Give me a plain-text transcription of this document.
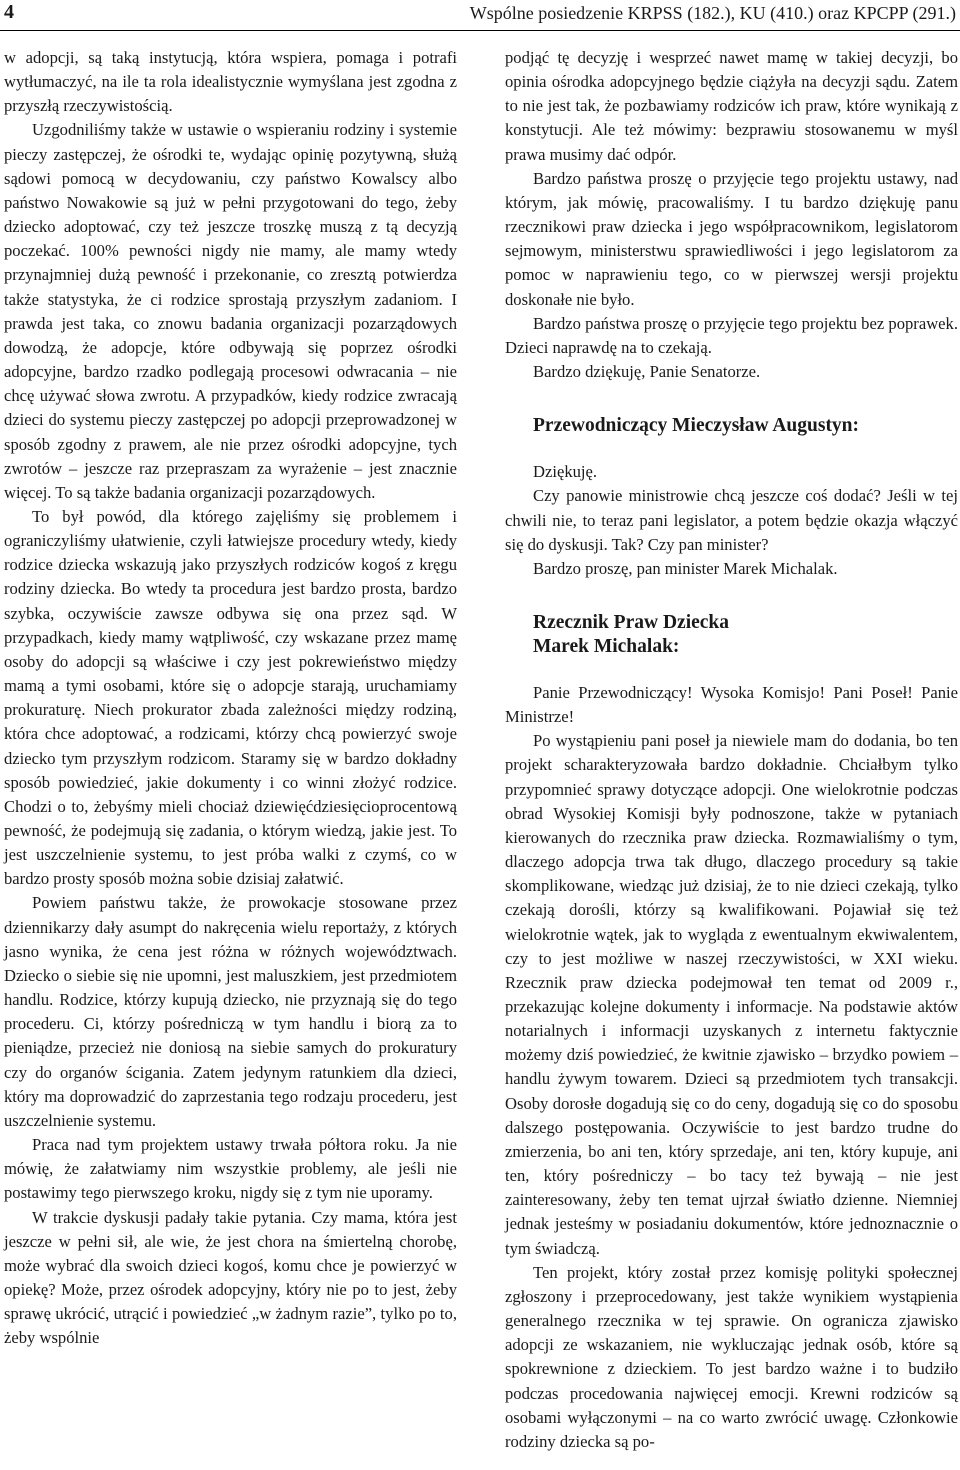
4	Wspólne posiedzenie KRPSS (182.), KU (410.) oraz KPCPP (291.)

w adopcji, są taką instytucją, która wspiera, pomaga i potrafi wytłumaczyć, na ile ta rola idealistycznie wymyślana jest zgodna z przyszłą rzeczywistością.

Uzgodniliśmy także w ustawie o wspieraniu rodziny i systemie pieczy zastępczej, że ośrodki te, wydając opinię pozytywną, służą sądowi pomocą w decydowaniu, czy państwo Kowalscy albo państwo Nowakowie są już w pełni przygotowani do tego, żeby dziecko adoptować, czy też jeszcze troszkę muszą z tą decyzją poczekać. 100% pewności nigdy nie mamy, ale mamy wtedy przynajmniej dużą pewność i przekonanie, co zresztą potwierdza także statystyka, że ci rodzice sprostają przyszłym zadaniom. I prawda jest taka, co znowu badania organizacji pozarządowych dowodzą, że adopcje, które odbywają się poprzez ośrodki adopcyjne, bardzo rzadko podlegają procesowi odwracania – nie chcę używać słowa zwrotu. A przypadków, kiedy rodzice zwracają dzieci do systemu pieczy zastępczej po adopcji przeprowadzonej w sposób zgodny z prawem, ale nie przez ośrodki adopcyjne, tych zwrotów – jeszcze raz przepraszam za wyrażenie – jest znacznie więcej. To są także badania organizacji pozarządowych.

To był powód, dla którego zajęliśmy się problemem i ograniczyliśmy ułatwienie, czyli łatwiejsze procedury wtedy, kiedy rodzice dziecka wskazują jako przyszłych rodziców kogoś z kręgu rodziny dziecka. Bo wtedy ta procedura jest bardzo prosta, bardzo szybka, oczywiście zawsze odbywa się ona przez sąd. W przypadkach, kiedy mamy wątpliwość, czy wskazane przez mamę osoby do adopcji są właściwe i czy jest pokrewieństwo między mamą a tymi osobami, które się o adopcje starają, uruchamiamy prokuraturę. Niech prokurator zbada zależności między rodziną, która chce adoptować, a rodzicami, którzy chcą powierzyć swoje dziecko tym przyszłym rodzicom. Staramy się w bardzo dokładny sposób powiedzieć, jakie dokumenty i co winni złożyć rodzice. Chodzi o to, żebyśmy mieli chociaż dziewięćdziesięcioprocentową pewność, że podejmują się zadania, o którym wiedzą, jakie jest. To jest uszczelnienie systemu, to jest próba walki z czymś, co w bardzo prosty sposób można sobie dzisiaj załatwić.

Powiem państwu także, że prowokacje stosowane przez dziennikarzy dały asumpt do nakręcenia wielu reportaży, z których jasno wynika, że cena jest różna w różnych województwach. Dziecko o siebie się nie upomni, jest maluszkiem, jest przedmiotem handlu. Rodzice, którzy kupują dziecko, nie przyznają się do tego procederu. Ci, którzy pośredniczą w tym handlu i biorą za to pieniądze, przecież nie doniosą na siebie samych do prokuratury czy do organów ścigania. Zatem jedynym ratunkiem dla dzieci, który ma doprowadzić do zaprzestania tego rodzaju procederu, jest uszczelnienie systemu.

Praca nad tym projektem ustawy trwała półtora roku. Ja nie mówię, że załatwiamy nim wszystkie problemy, ale jeśli nie postawimy tego pierwszego kroku, nigdy się z tym nie uporamy.

W trakcie dyskusji padały takie pytania. Czy mama, która jest jeszcze w pełni sił, ale wie, że jest chora na śmiertelną chorobę, może wybrać dla swoich dzieci kogoś, komu chce je powierzyć w opiekę? Może, przez ośrodek adopcyjny, który nie po to jest, żeby sprawę ukrócić, utrącić i powiedzieć „w żadnym razie”, tylko po to, żeby wspólnie

podjąć tę decyzję i wesprzeć nawet mamę w takiej decyzji, bo opinia ośrodka adopcyjnego będzie ciążyła na decyzji sądu. Zatem to nie jest tak, że pozbawiamy rodziców ich praw, które wynikają z konstytucji. Ale też mówimy: bezprawiu stosowanemu w myśl prawa musimy dać odpór.

Bardzo państwa proszę o przyjęcie tego projektu ustawy, nad którym, jak mówię, pracowaliśmy. I tu bardzo dziękuję panu rzecznikowi praw dziecka i jego współpracownikom, legislatorom sejmowym, ministerstwu sprawiedliwości i jego legislatorom za pomoc w naprawieniu tego, co w pierwszej wersji projektu doskonałe nie było.

Bardzo państwa proszę o przyjęcie tego projektu bez poprawek. Dzieci naprawdę na to czekają.

Bardzo dziękuję, Panie Senatorze.

Przewodniczący Mieczysław Augustyn:

Dziękuję.

Czy panowie ministrowie chcą jeszcze coś dodać? Jeśli w tej chwili nie, to teraz pani legislator, a potem będzie okazja włączyć się do dyskusji. Tak? Czy pan minister?

Bardzo proszę, pan minister Marek Michalak.

Rzecznik Praw Dziecka
Marek Michalak:

Panie Przewodniczący! Wysoka Komisjo! Pani Poseł! Panie Ministrze!

Po wystąpieniu pani poseł ja niewiele mam do dodania, bo ten projekt scharakteryzowała bardzo dokładnie. Chciałbym tylko przypomnieć sprawy dotyczące adopcji. One wielokrotnie podczas obrad Wysokiej Komisji były podnoszone, także w pytaniach kierowanych do rzecznika praw dziecka. Rozmawialiśmy o tym, dlaczego adopcja trwa tak długo, dlaczego procedury są takie skomplikowane, wiedząc już dzisiaj, że to nie dzieci czekają, tylko czekają dorośli, którzy są kwalifikowani. Pojawiał się też wielokrotnie wątek, jak to wygląda z ewentualnym ekwiwalentem, czy to jest możliwe w naszej rzeczywistości, w XXI wieku. Rzecznik praw dziecka podejmował ten temat od 2009 r., przekazując kolejne dokumenty i informacje. Na podstawie aktów notarialnych i informacji uzyskanych z internetu faktycznie możemy dziś powiedzieć, że kwitnie zjawisko – brzydko powiem – handlu żywym towarem. Dzieci są przedmiotem tych transakcji. Osoby dorosłe dogadują się co do ceny, dogadują się co do sposobu dalszego postępowania. Oczywiście to jest bardzo trudne do zmierzenia, bo ani ten, który sprzedaje, ani ten, który kupuje, ani ten, który pośredniczy – bo tacy też bywają – nie jest zainteresowany, żeby ten temat ujrzał światło dzienne. Niemniej jednak jesteśmy w posiadaniu dokumentów, które jednoznacznie o tym świadczą.

Ten projekt, który został przez komisję polityki społecznej zgłoszony i przeprocedowany, jest także wynikiem wystąpienia generalnego rzecznika w tej sprawie. On ogranicza zjawisko adopcji ze wskazaniem, nie wykluczając jednak osób, które są spokrewnione z dzieckiem. To jest bardzo ważne i to budziło podczas procedowania najwięcej emocji. Krewni rodziców są osobami wyłączonymi – na co warto zwrócić uwagę. Członkowie rodziny dziecka są po-
